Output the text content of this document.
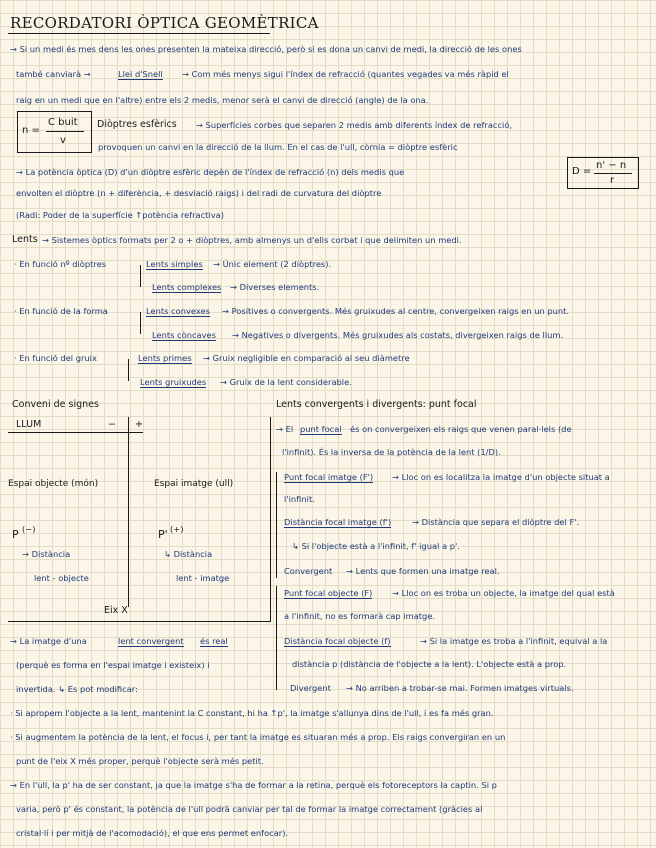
RECORDATORI ÒPTICA GEOMÈTRICA
→ Si un medi és mes dens les ones presenten la mateixa direcció, però si es dona un canvi de medi, la direcció de les ones
també canviarà →	Llei d'Snell → Com més menys sigui l'índex de refracció (quantes vegades va més ràpid el
raig en un medi que en l'altre) entre els 2 medis, menor serà el canvi de direcció (angle) de la ona.
n =
C buit
v
Diòptres esfèrics → Superfícies corbes que separen 2 medis amb diferents índex de refracció,
provoquen un canvi en la direcció de la llum. En el cas de l'ull, còrnia = diòptre esfèric
→ La potència òptica (D) d'un diòptre esfèric depèn de l'índex de refracció (n) dels medis que
envolten el diòptre (n + diferència, + desviació raigs) i del radi de curvatura del diòptre
(Radi: Poder de la superfície ↑potència refractiva)
D =
n' − n
r
Lents → Sistemes òptics formats per 2 o + diòptres, amb almenys un d'ells corbat i que delimiten un medi.
· En funció nº diòptres	Lents simples → Únic element (2 diòptres).
Lents complexes → Diverses elements.
· En funció de la forma	Lents convexes → Positives o convergents. Més gruixudes al centre, convergeixen raigs en un punt.
Lents còncaves → Negatives o divergents. Més gruixudes als costats, divergeixen raigs de llum.
· En funció del gruix	Lents primes → Gruix negligible en comparació al seu diàmetre
Lents gruixudes → Gruix de la lent considerable.
Conveni de signes
LLUM	− +
Espai objecte (món)	Espai imatge (ull)
P (−)
→ Distància
lent - objecte
P' (+)
↳ Distància
lent - imatge
Eix X
Lents convergents i divergents: punt focal
→ El punt focal és on convergeixen els raigs que venen paral·lels (de
l'infinit). És la inversa de la potència de la lent (1/D).
Punt focal imatge (F') → Lloc on es localitza la imatge d'un objecte situat a
l'infinit.
Distància focal imatge (f')	→ Distància que separa el diòptre del F'.
↳ Si l'objecte està a l'infinit, f' igual a p'.
Convergent → Lents que formen una imatge real.
Punt focal objecte (F) → Lloc on es troba un objecte, la imatge del qual està
a l'infinit, no es formarà cap imatge.
Distància focal objecte (f)	→ Si la imatge es troba a l'infinit, equival a la
distància p (distància de l'objecte a la lent). L'objecte està a prop.
Divergent → No arriben a trobar-se mai. Formen imatges virtuals.
→ La imatge d'una	lent convergent és real
(perquè es forma en l'espai imatge i existeix) i
invertida. ↳ Es pot modificar:
· Si apropem l'objecte a la lent, mantenint la C constant, hi ha ↑p', la imatge s'allunya dins de l'ull, i es fa més gran.
· Si augmentem la potència de la lent, el focus i, per tant la imatge es situaran més a prop. Els raigs convergiran en un
punt de l'eix X més proper, perquè l'objecte serà més petit.
→ En l'ull, la p' ha de ser constant, ja que la imatge s'ha de formar a la retina, perquè els fotoreceptors la captin. Si p
varia, però p' és constant, la potència de l'ull podrà canviar per tal de formar la imatge correctament (gràcies al
cristal·lí i per mitjà de l'acomodació), el que ens permet enfocar).
